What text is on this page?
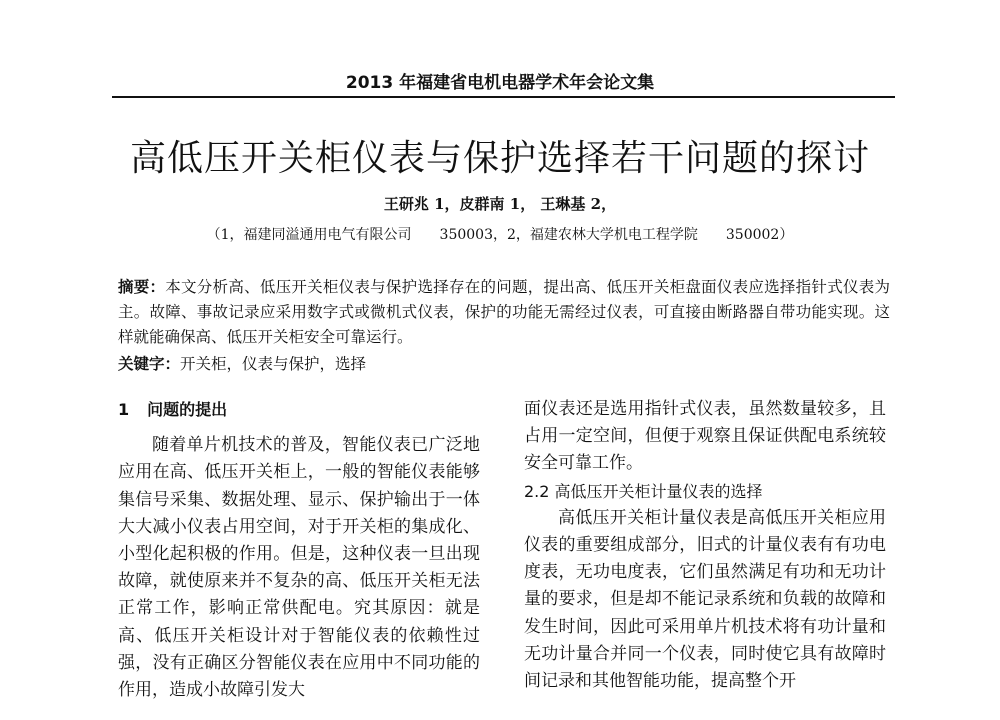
2013 年福建省电机电器学术年会论文集
高低压开关柜仪表与保护选择若干问题的探讨
王研兆 1，皮群南 1， 王琳基 2，
（1，福建同溢通用电气有限公司　　350003，2，福建农林大学机电工程学院　　350002）
摘要：本文分析高、低压开关柜仪表与保护选择存在的问题，提出高、低压开关柜盘面仪表应选择指针式仪表为主。故障、事故记录应采用数字式或微机式仪表，保护的功能无需经过仪表，可直接由断路器自带功能实现。这样就能确保高、低压开关柜安全可靠运行。
关键字：开关柜，仪表与保护，选择

1 问题的提出

随着单片机技术的普及，智能仪表已广泛地应用在高、低压开关柜上，一般的智能仪表能够集信号采集、数据处理、显示、保护输出于一体大大减小仪表占用空间，对于开关柜的集成化、小型化起积极的作用。但是，这种仪表一旦出现故障，就使原来并不复杂的高、低压开关柜无法正常工作，影响正常供配电。究其原因：就是高、低压开关柜设计对于智能仪表的依赖性过强，没有正确区分智能仪表在应用中不同功能的作用，造成小故障引发大

面仪表还是选用指针式仪表，虽然数量较多，且占用一定空间，但便于观察且保证供配电系统较安全可靠工作。

2.2 高低压开关柜计量仪表的选择

高低压开关柜计量仪表是高低压开关柜应用仪表的重要组成部分，旧式的计量仪表有有功电度表，无功电度表，它们虽然满足有功和无功计量的要求，但是却不能记录系统和负载的故障和发生时间，因此可采用单片机技术将有功计量和无功计量合并同一个仪表，同时使它具有故障时间记录和其他智能功能，提高整个开
